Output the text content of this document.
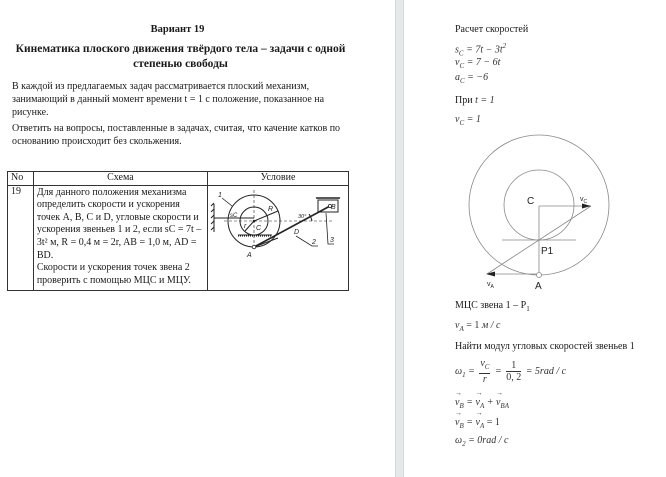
Вариант 19
Кинематика плоского движения твёрдого тела – задачи с одной степенью свободы
В каждой из предлагаемых задач рассматривается плоский механизм, занимающий в данный момент времени t = 1 с положение, показанное на рисунке.
Ответить на вопросы, поставленные в задачах, считая, что качение катков по основанию происходит без скольжения.
No	Схема	Условие
19	Для данного положения механизма определить скорости и ускорения точек A, B, C и D, угловые скорости и ускорения звеньев 1 и 2, если sC = 7t – 3t² м, R = 0,4 м = 2r, AB = 1,0 м, AD = BD.
Скорости и ускорения точек звена 2 проверить с помощью МЦС и МЦУ.

1
sC
R
r C
A
B
D
30°
2 3
Расчет скоростей
$s_C = 7t - 3t^2$
$v_C = 7 - 6t$
$a_C = -6$
При t = 1
$v_C = 1$
C	$v_C$
P1
$v_A$	A
МЦС звена $1 - P_1$
$v_A = 1$ м / с
Найти модул угловых скоростей звеньев 1
$\omega_1 = \frac{v_C}{r} = \frac{1}{0, 2} = 5rad / c$
→ $v_B$ = → $v_A$ + → $v_{BA}$
→ $v_B$ = → $v_A = 1$
$\omega_2 = 0rad / c$
